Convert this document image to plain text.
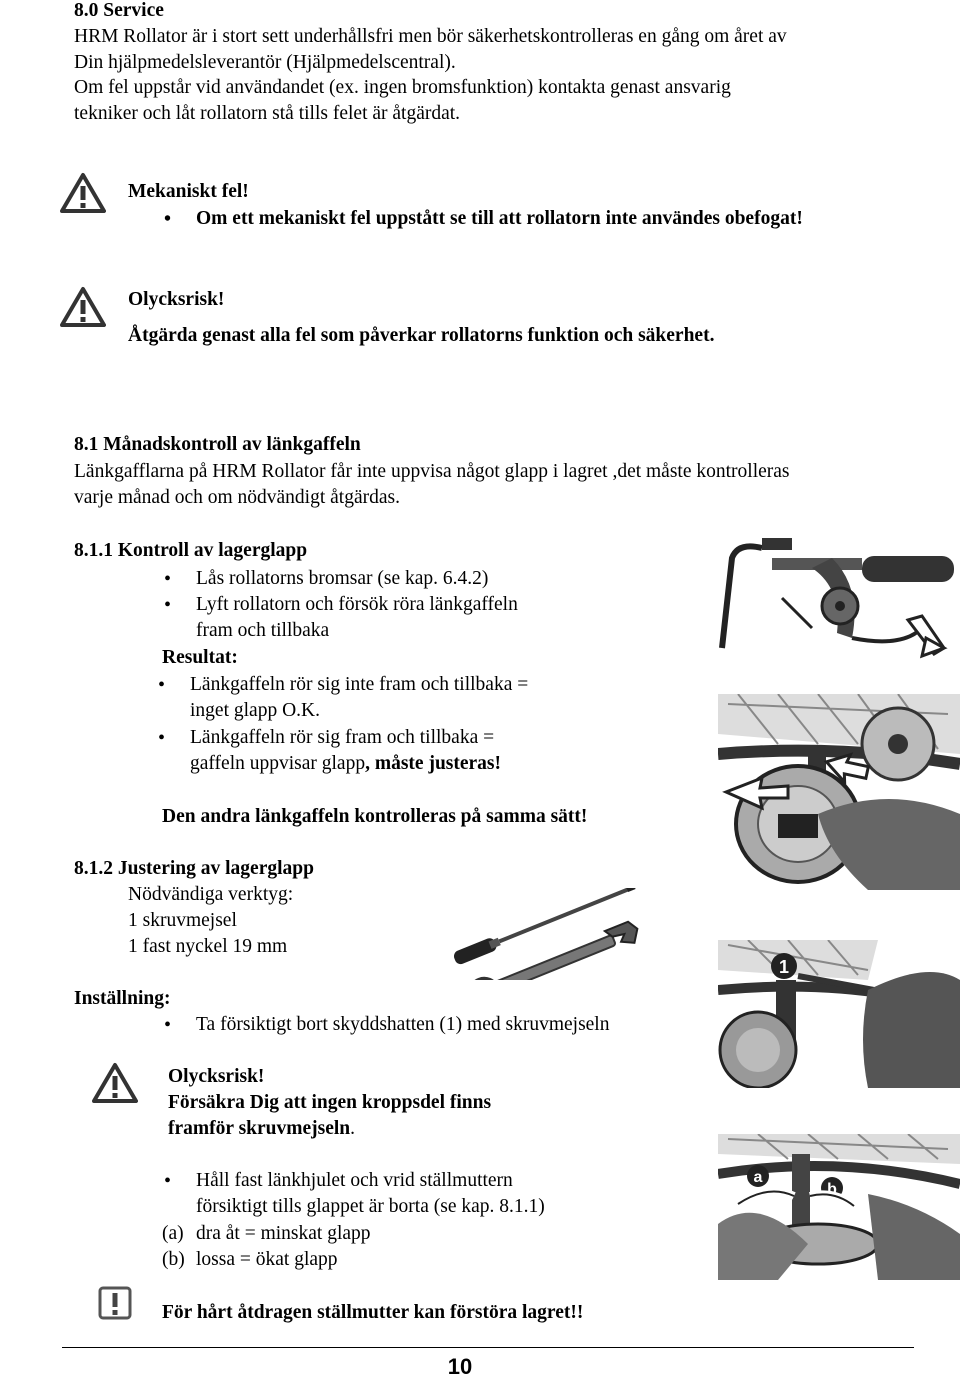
8.0 Service
HRM Rollator är i stort sett underhållsfri men bör säkerhetskontrolleras en gång om året av
Din hjälpmedelsleverantör (Hjälpmedelscentral).
Om fel uppstår vid användandet (ex. ingen bromsfunktion) kontakta genast ansvarig
tekniker och låt rollatorn stå tills felet är åtgärdat.
Mekaniskt fel!
• Om ett mekaniskt fel uppstått se till att rollatorn inte användes obefogat!
Olycksrisk!
Åtgärda genast alla fel som påverkar rollatorns funktion och säkerhet.
8.1 Månadskontroll av länkgaffeln
Länkgafflarna på HRM Rollator får inte uppvisa något glapp i lagret ,det måste kontrolleras
varje månad och om nödvändigt åtgärdas.
8.1.1 Kontroll av lagerglapp
• Lås rollatorns bromsar (se kap. 6.4.2)
• Lyft rollatorn och försök röra länkgaffeln
fram och tillbaka
Resultat:
• Länkgaffeln rör sig inte fram och tillbaka =
inget glapp O.K.
• Länkgaffeln rör sig fram och tillbaka =
gaffeln uppvisar glapp, måste justeras!
Den andra länkgaffeln kontrolleras på samma sätt!
8.1.2 Justering av lagerglapp
Nödvändiga verktyg:
1 skruvmejsel
1 fast nyckel 19 mm
Inställning:
• Ta försiktigt bort skyddshatten (1) med skruvmejseln
Olycksrisk!
Försäkra Dig att ingen kroppsdel finns
framför skruvmejseln.
• Håll fast länkhjulet och vrid ställmuttern
försiktigt tills glappet är borta (se kap. 8.1.1)
(a) dra åt = minskat glapp
(b) lossa = ökat glapp
För hårt åtdragen ställmutter kan förstöra lagret!!
1
a
b
10
